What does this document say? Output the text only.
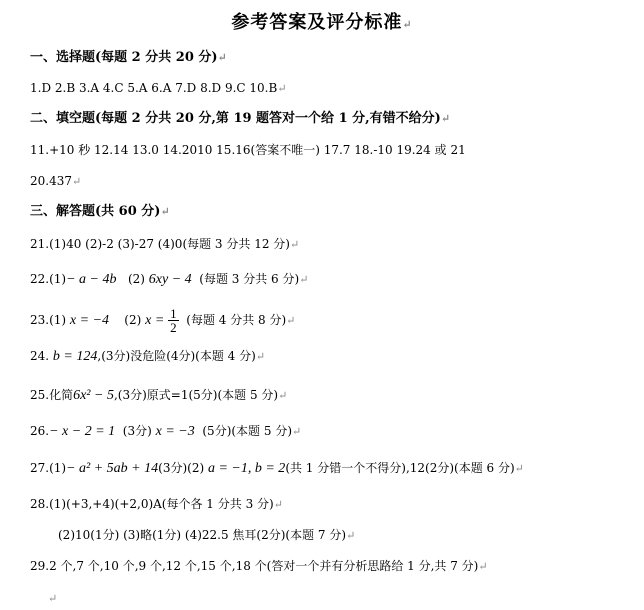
参考答案及评分标准↵
一、选择题(每题 2 分共 20 分)↵
1.D 2.B 3.A 4.C 5.A 6.A 7.D 8.D 9.C 10.B↵
二、填空题(每题 2 分共 20 分,第 19 题答对一个给 1 分,有错不给分)↵
11.+10 秒 12.14 13.0 14.2010 15.16(答案不唯一) 17.7 18.-10 19.24 或 21
20.437↵
三、解答题(共 60 分)↵
21.(1)40 (2)-2 (3)-27 (4)0(每题 3 分共 12 分)↵
22.(1)− a − 4b (2) 6xy − 4 (每题 3 分共 6 分)↵
23.(1) x = −4 (2) $x = \frac{1}{2}$ (每题 4 分共 8 分)↵
24. b = 124,(3分)没危险(4分)(本题 4 分)↵
25.化简6x² − 5,(3分)原式=1(5分)(本题 5 分)↵
26.− x − 2 = 1 (3分) x = −3 (5分)(本题 5 分)↵
27.(1)− a² + 5ab + 14(3分)(2) a = −1, b = 2(共 1 分错一个不得分),12(2分)(本题 6 分)↵
28.(1)(+3,+4)(+2,0)A(每个各 1 分共 3 分)↵
(2)10(1分) (3)略(1分) (4)22.5 焦耳(2分)(本题 7 分)↵
29.2 个,7 个,10 个,9 个,12 个,15 个,18 个(答对一个并有分析思路给 1 分,共 7 分)↵
↵
